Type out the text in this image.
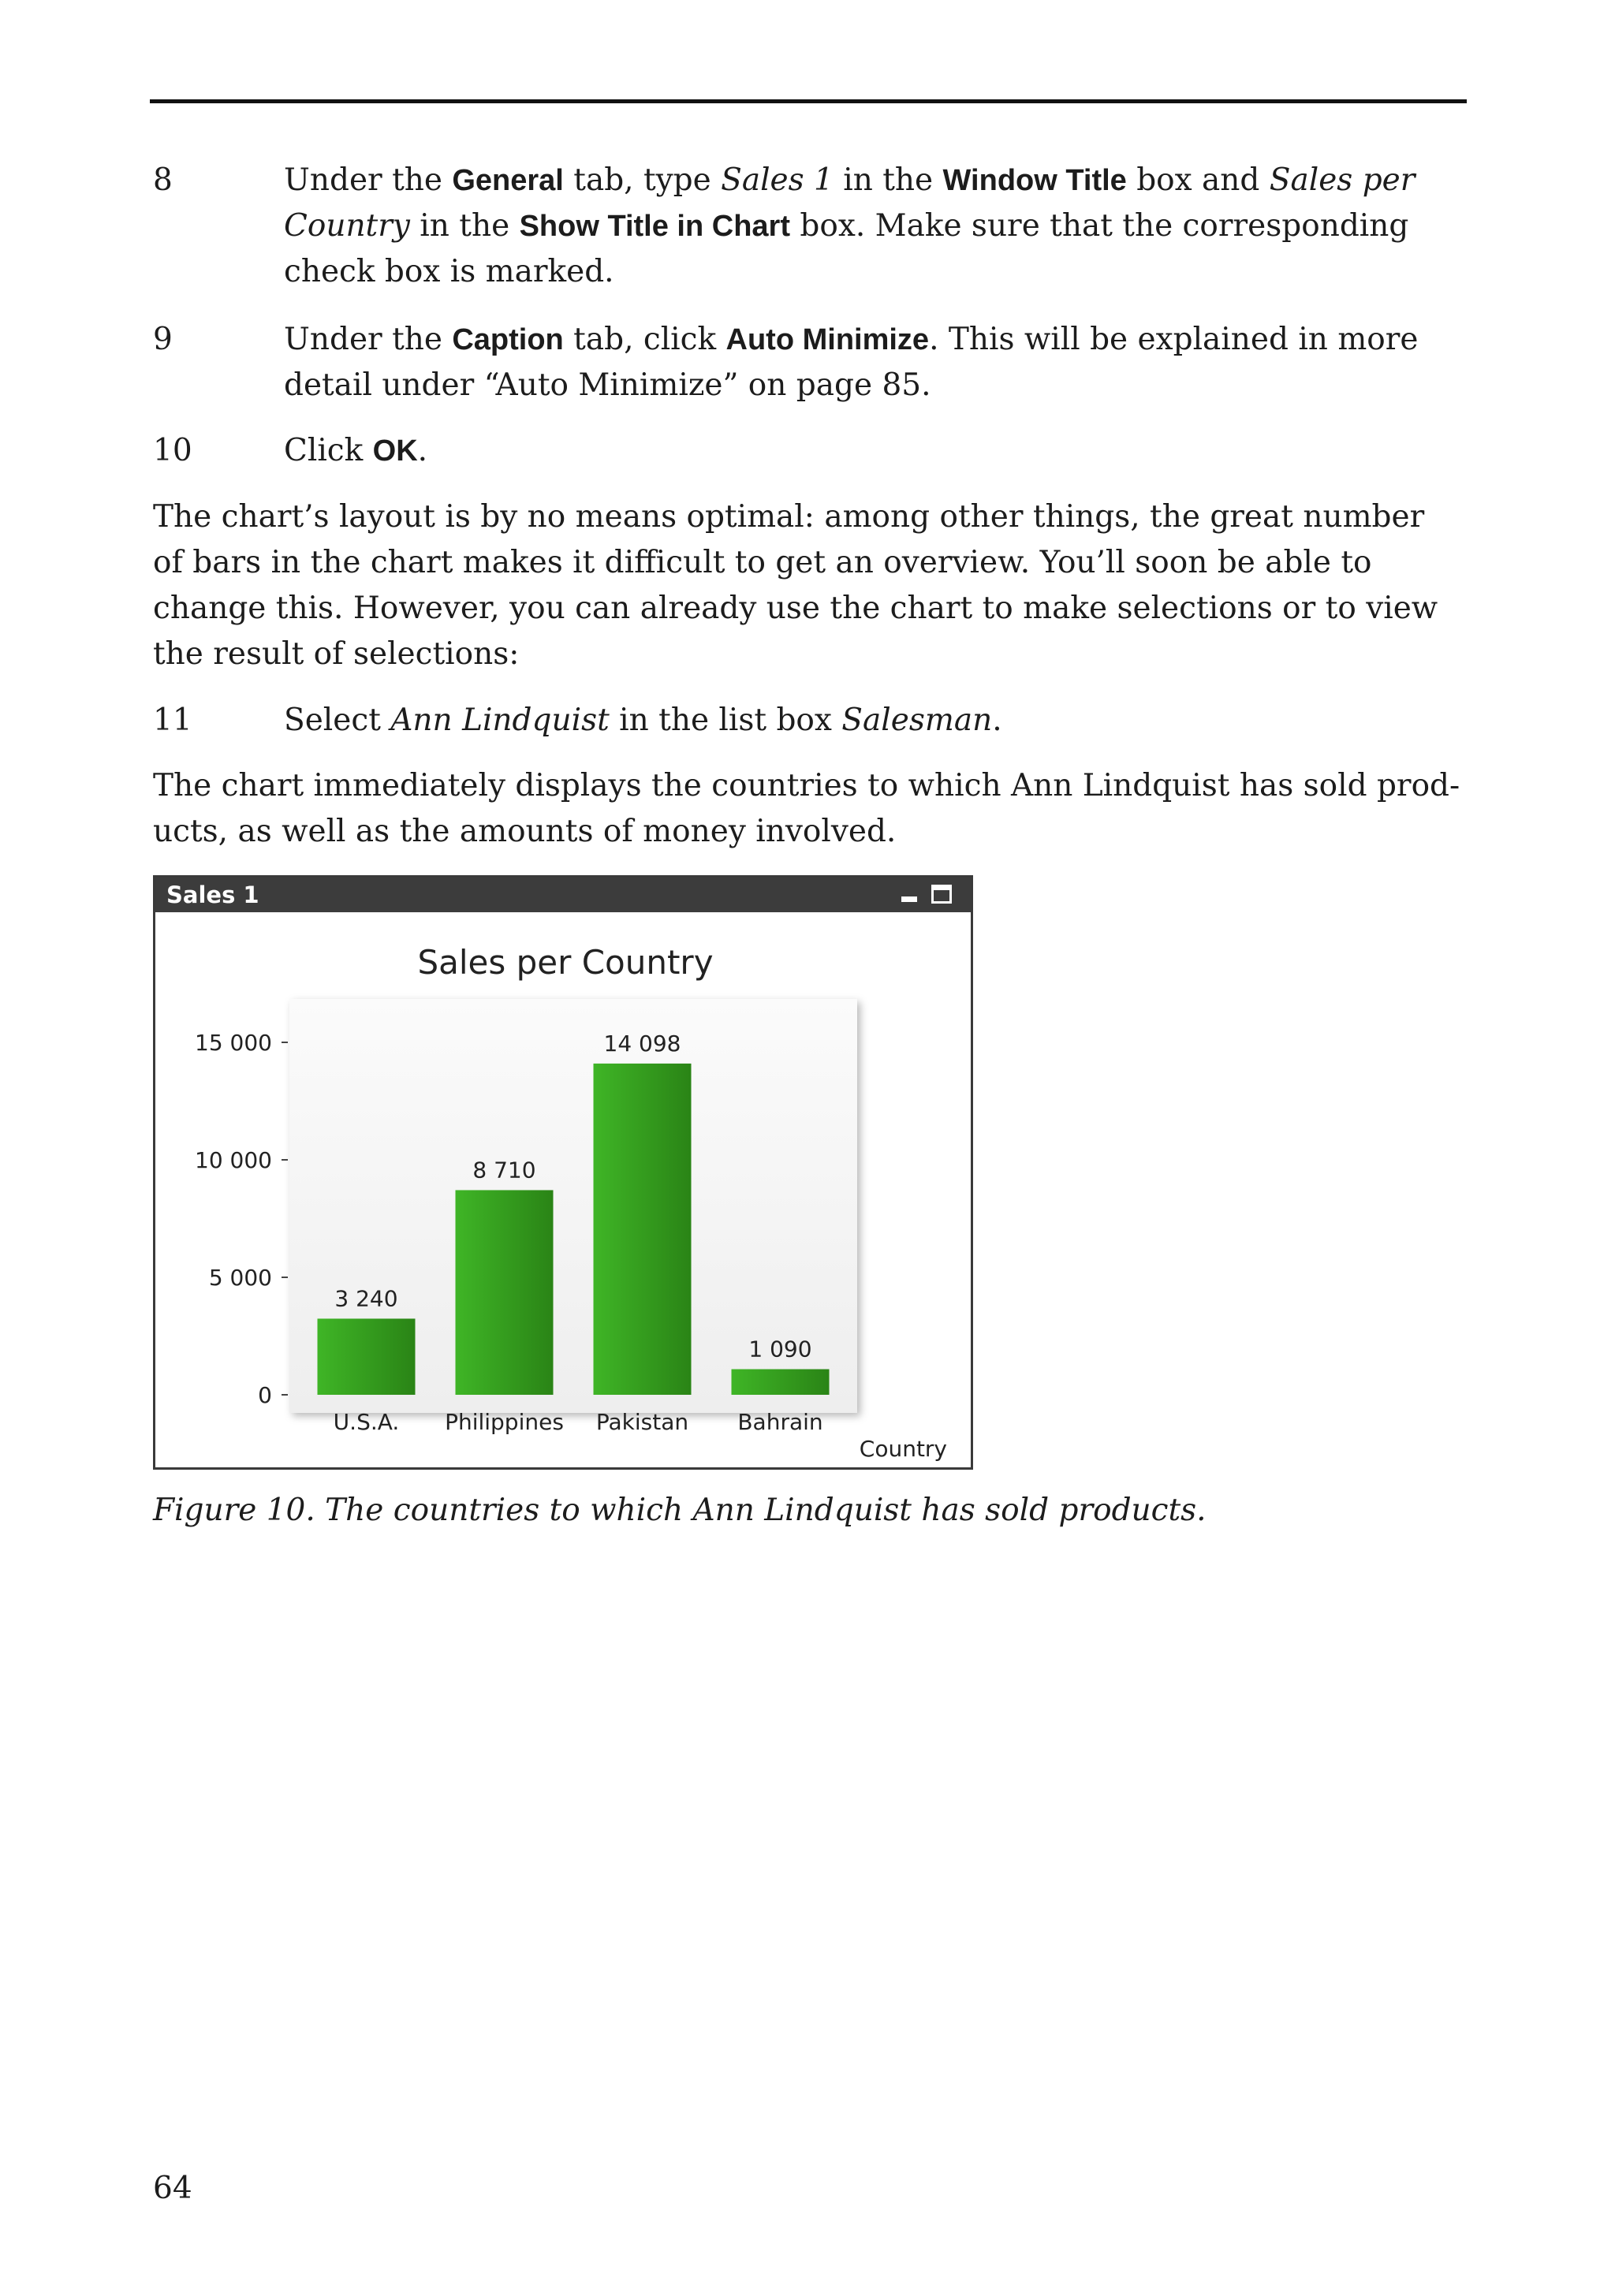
8	Under the General tab, type Sales 1 in the Window Title box and Sales per Country in the Show Title in Chart box. Make sure that the corresponding check box is marked.
9	Under the Caption tab, click Auto Minimize. This will be explained in more detail under “Auto Minimize” on page 85.
10	Click OK.

The chart’s layout is by no means optimal: among other things, the great number of bars in the chart makes it difficult to get an overview. You’ll soon be able to change this. However, you can already use the chart to make selections or to view the result of selections:

11	Select Ann Lindquist in the list box Salesman.

The chart immediately displays the countries to which Ann Lindquist has sold prod-ucts, as well as the amounts of money involved.

Sales 1
Sales per Country
0
5 000
10 000
15 000
3 240
8 710
14 098
1 090
U.S.A. Philippines Pakistan Bahrain
Country
Figure 10. The countries to which Ann Lindquist has sold products.
64
